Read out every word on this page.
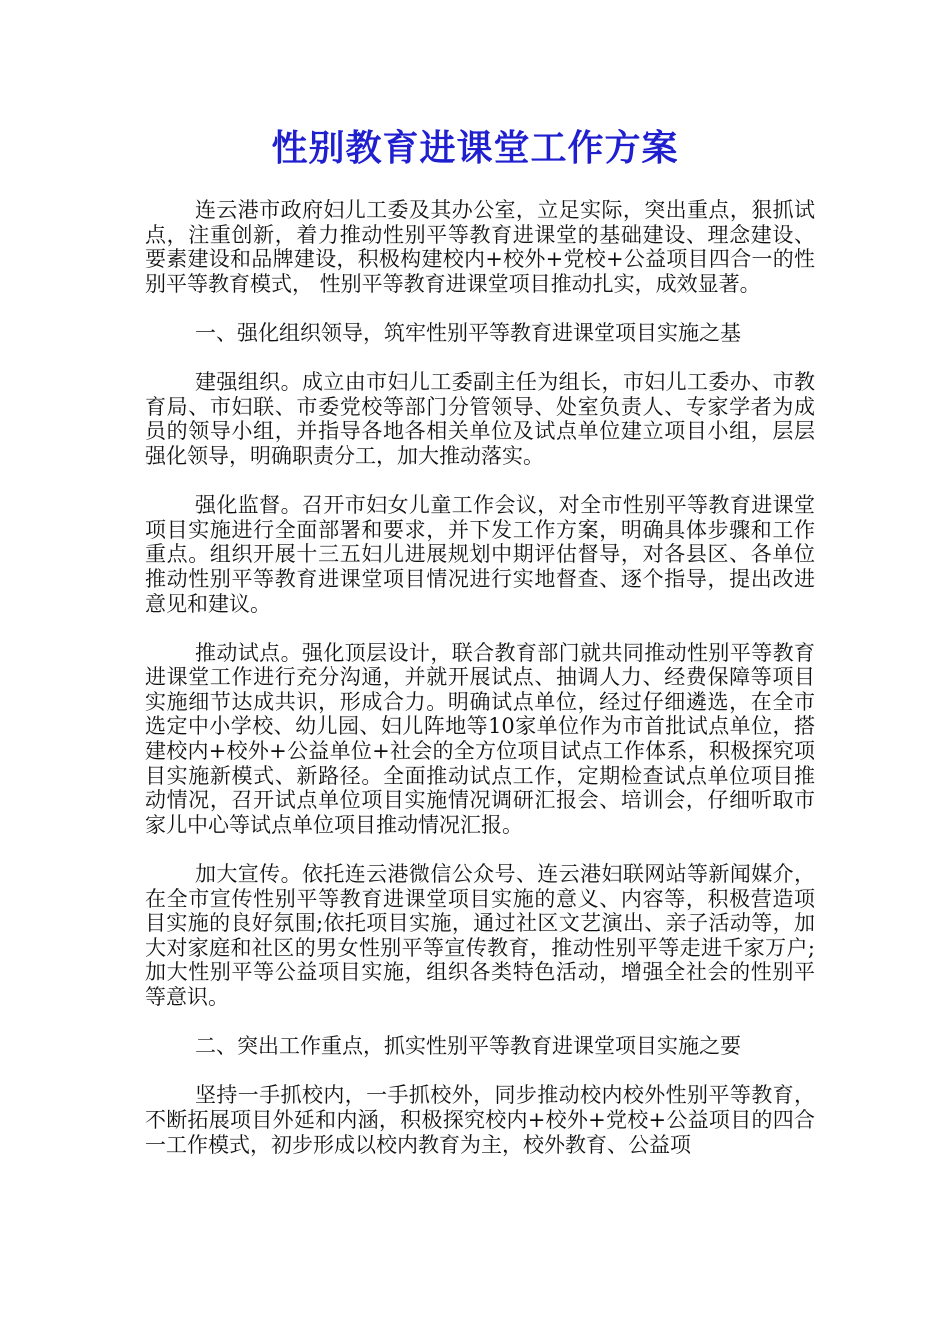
性别教育进课堂工作方案

连云港市政府妇儿工委及其办公室，立足实际，突出重点，狠抓试点，注重创新，着力推动性别平等教育进课堂的基础建设、理念建设、要素建设和品牌建设，积极构建校内+校外+党校+公益项目四合一的性别平等教育模式， 性别平等教育进课堂项目推动扎实，成效显著。

一、强化组织领导，筑牢性别平等教育进课堂项目实施之基

建强组织。成立由市妇儿工委副主任为组长，市妇儿工委办、市教育局、市妇联、市委党校等部门分管领导、处室负责人、专家学者为成员的领导小组，并指导各地各相关单位及试点单位建立项目小组，层层强化领导，明确职责分工，加大推动落实。

强化监督。召开市妇女儿童工作会议，对全市性别平等教育进课堂项目实施进行全面部署和要求，并下发工作方案，明确具体步骤和工作重点。组织开展十三五妇儿进展规划中期评估督导，对各县区、各单位推动性别平等教育进课堂项目情况进行实地督查、逐个指导，提出改进意见和建议。

推动试点。强化顶层设计，联合教育部门就共同推动性别平等教育进课堂工作进行充分沟通，并就开展试点、抽调人力、经费保障等项目实施细节达成共识，形成合力。明确试点单位，经过仔细遴选，在全市选定中小学校、幼儿园、妇儿阵地等10家单位作为市首批试点单位，搭建校内+校外+公益单位+社会的全方位项目试点工作体系，积极探究项目实施新模式、新路径。全面推动试点工作，定期检查试点单位项目推动情况，召开试点单位项目实施情况调研汇报会、培训会，仔细听取市家儿中心等试点单位项目推动情况汇报。

加大宣传。依托连云港微信公众号、连云港妇联网站等新闻媒介，在全市宣传性别平等教育进课堂项目实施的意义、内容等，积极营造项目实施的良好氛围;依托项目实施，通过社区文艺演出、亲子活动等，加大对家庭和社区的男女性别平等宣传教育，推动性别平等走进千家万户;加大性别平等公益项目实施，组织各类特色活动，增强全社会的性别平等意识。

二、突出工作重点，抓实性别平等教育进课堂项目实施之要

坚持一手抓校内，一手抓校外，同步推动校内校外性别平等教育，不断拓展项目外延和内涵，积极探究校内+校外+党校+公益项目的四合一工作模式，初步形成以校内教育为主，校外教育、公益项
